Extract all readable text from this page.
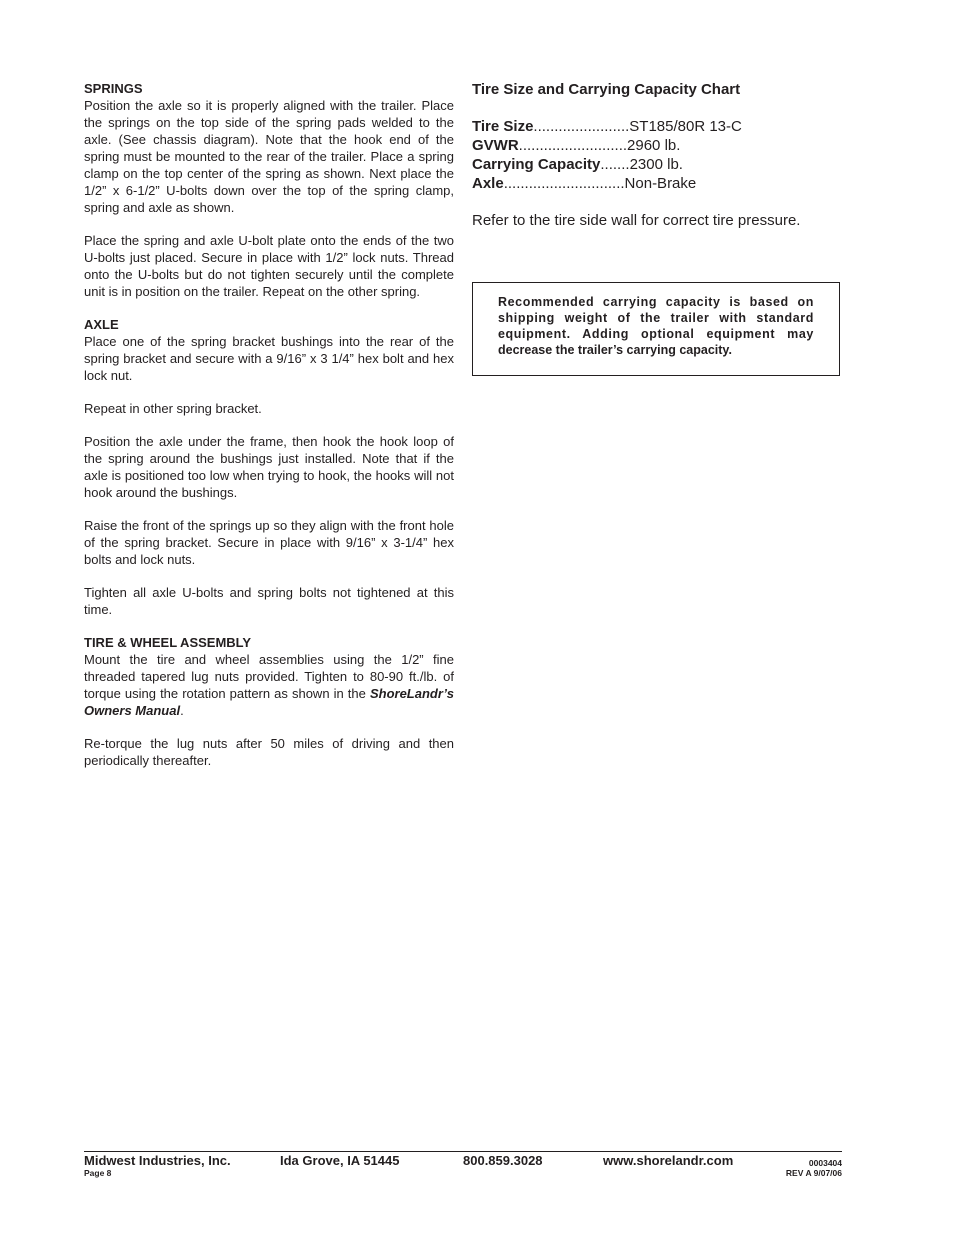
SPRINGS

Position the axle so it is properly aligned with the trailer. Place the springs on the top side of the spring pads welded to the axle. (See chassis diagram). Note that the hook end of the spring must be mounted to the rear of the trailer. Place a spring clamp on the top center of the spring as shown. Next place the 1/2” x 6-1/2” U-bolts down over the top of the spring clamp, spring and axle as shown.

Place the spring and axle U-bolt plate onto the ends of the two U-bolts just placed. Secure in place with 1/2” lock nuts. Thread onto the U-bolts but do not tighten securely until the complete unit is in position on the trailer. Repeat on the other spring.

AXLE

Place one of the spring bracket bushings into the rear of the spring bracket and secure with a 9/16” x 3 1/4” hex bolt and hex lock nut.

Repeat in other spring bracket.

Position the axle under the frame, then hook the hook loop of the spring around the bushings just installed. Note that if the axle is positioned too low when trying to hook, the hooks will not hook around the bushings.

Raise the front of the springs up so they align with the front hole of the spring bracket. Secure in place with 9/16” x 3-1/4” hex bolts and lock nuts.

Tighten all axle U-bolts and spring bolts not tightened at this time.

TIRE & WHEEL ASSEMBLY

Mount the tire and wheel assemblies using the 1/2” fine threaded tapered lug nuts provided. Tighten to 80-90 ft./lb. of torque using the rotation pattern as shown in the ShoreLandr’s Owners Manual.

Re-torque the lug nuts after 50 miles of driving and then periodically thereafter.

Tire Size and Carrying Capacity Chart
Tire Size ....................... ST185/80R 13-C
GVWR .......................... 2960 lb.
Carrying Capacity ....... 2300 lb.
Axle ............................. Non-Brake
Refer to the tire side wall for correct tire pressure.
Recommended carrying capacity is based on shipping weight of the trailer with standard equipment. Adding optional equipment may decrease the trailer’s carrying capacity.
Midwest Industries, Inc.	Ida Grove, IA 51445	800.859.3028	www.shorelandr.com
Page 8
0003404
REV A 9/07/06
